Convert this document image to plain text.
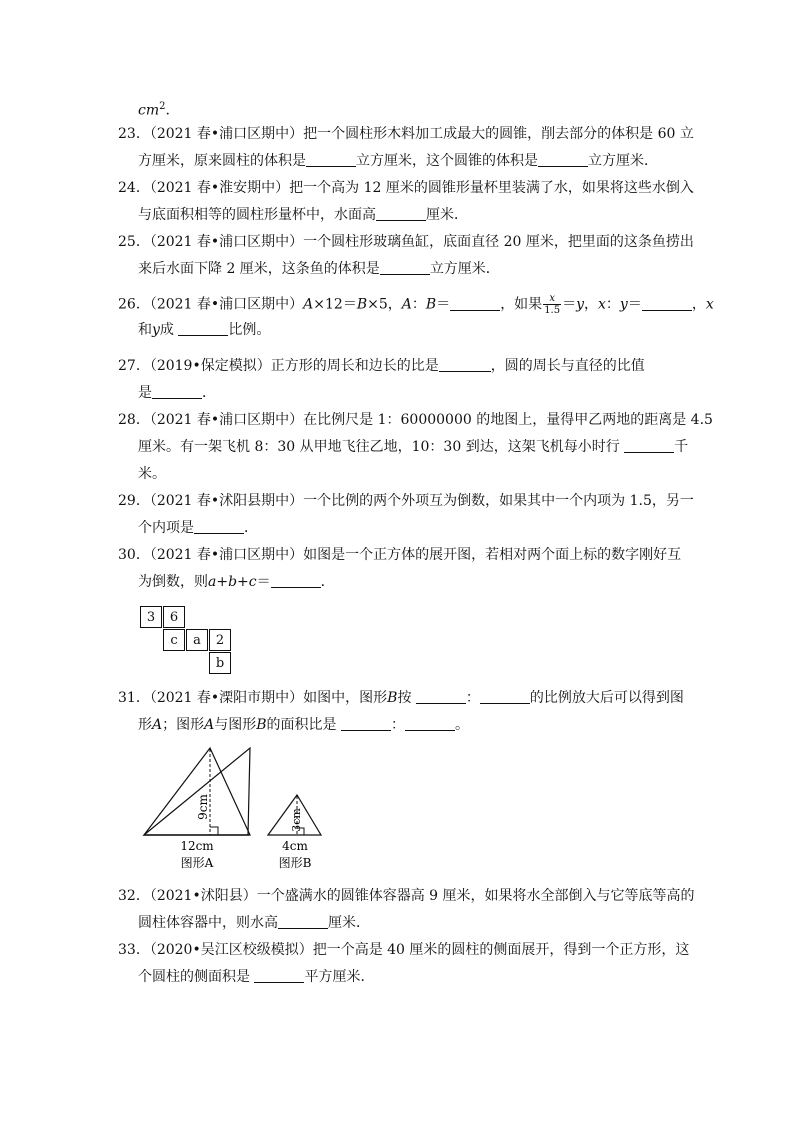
$cm^2$.
23．（2021 春•浦口区期中）把一个圆柱形木料加工成最大的圆锥，削去部分的体积是 60 立
方厘米，原来圆柱的体积是	立方厘米，这个圆锥的体积是	立方厘米．
24．（2021 春•淮安期中）把一个高为 12 厘米的圆锥形量杯里装满了水，如果将这些水倒入
与底面积相等的圆柱形量杯中，水面高	厘米．
25．（2021 春•浦口区期中）一个圆柱形玻璃鱼缸，底面直径 20 厘米，把里面的这条鱼捞出
来后水面下降 2 厘米，这条鱼的体积是	立方厘米．
26．（2021 春•浦口区期中）A×12＝B×5，A：B＝	，如果 $\frac{x}{1.5} =y$，x：y＝	，x
和y成	比例。
27．（2019•保定模拟）正方形的周长和边长的比是	，圆的周长与直径的比值
是	．
28．（2021 春•浦口区期中）在比例尺是 1：60000000 的地图上，量得甲乙两地的距离是 4.5
厘米。有一架飞机 8：30 从甲地飞往乙地，10：30 到达，这架飞机每小时行	千
米。
29．（2021 春•沭阳县期中）一个比例的两个外项互为倒数，如果其中一个内项为 1.5，另一
个内项是	．
30．（2021 春•浦口区期中）如图是一个正方体的展开图，若相对两个面上标的数字刚好互
为倒数，则a+b+c＝	．
3	6
c	a	2
b
31．（2021 春•溧阳市期中）如图中，图形B按	：	的比例放大后可以得到图
形A；图形A与图形B的面积比是	：	。
9cm
12cm
图形A
3cm
4cm
图形B
32．（2021•沭阳县）一个盛满水的圆锥体容器高 9 厘米，如果将水全部倒入与它等底等高的
圆柱体容器中，则水高	厘米．
33．（2020•吴江区校级模拟）把一个高是 40 厘米的圆柱的侧面展开，得到一个正方形，这
个圆柱的侧面积是	平方厘米．
